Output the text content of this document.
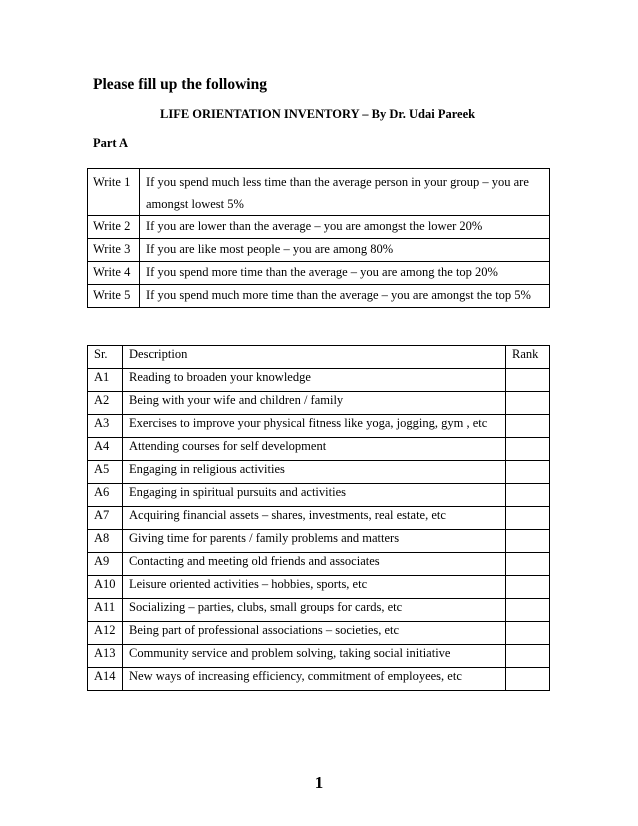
Please fill up the following
LIFE ORIENTATION INVENTORY – By Dr. Udai Pareek
Part A
Write 1	If you spend much less time than the average person in your group – you are amongst lowest 5%
Write 2	If you are lower than the average – you are amongst the lower 20%
Write 3	If you are like most people – you are among 80%
Write 4	If you spend more time than the average – you are among the top 20%
Write 5	If you spend much more time than the average – you are amongst the top 5%
Sr.	Description	Rank
A1	Reading to broaden your knowledge	
A2	Being with your wife and children / family	
A3	Exercises to improve your physical fitness like yoga, jogging, gym , etc	
A4	Attending courses for self development	
A5	Engaging in religious activities	
A6	Engaging in spiritual pursuits and activities	
A7	Acquiring financial assets – shares, investments, real estate, etc	
A8	Giving time for parents / family problems and matters	
A9	Contacting and meeting old friends and associates	
A10	Leisure oriented activities – hobbies, sports, etc	
A11	Socializing – parties, clubs, small groups for cards, etc	
A12	Being part of professional associations – societies, etc	
A13	Community service and problem solving, taking social initiative	
A14	New ways of increasing efficiency, commitment of employees, etc	
1
